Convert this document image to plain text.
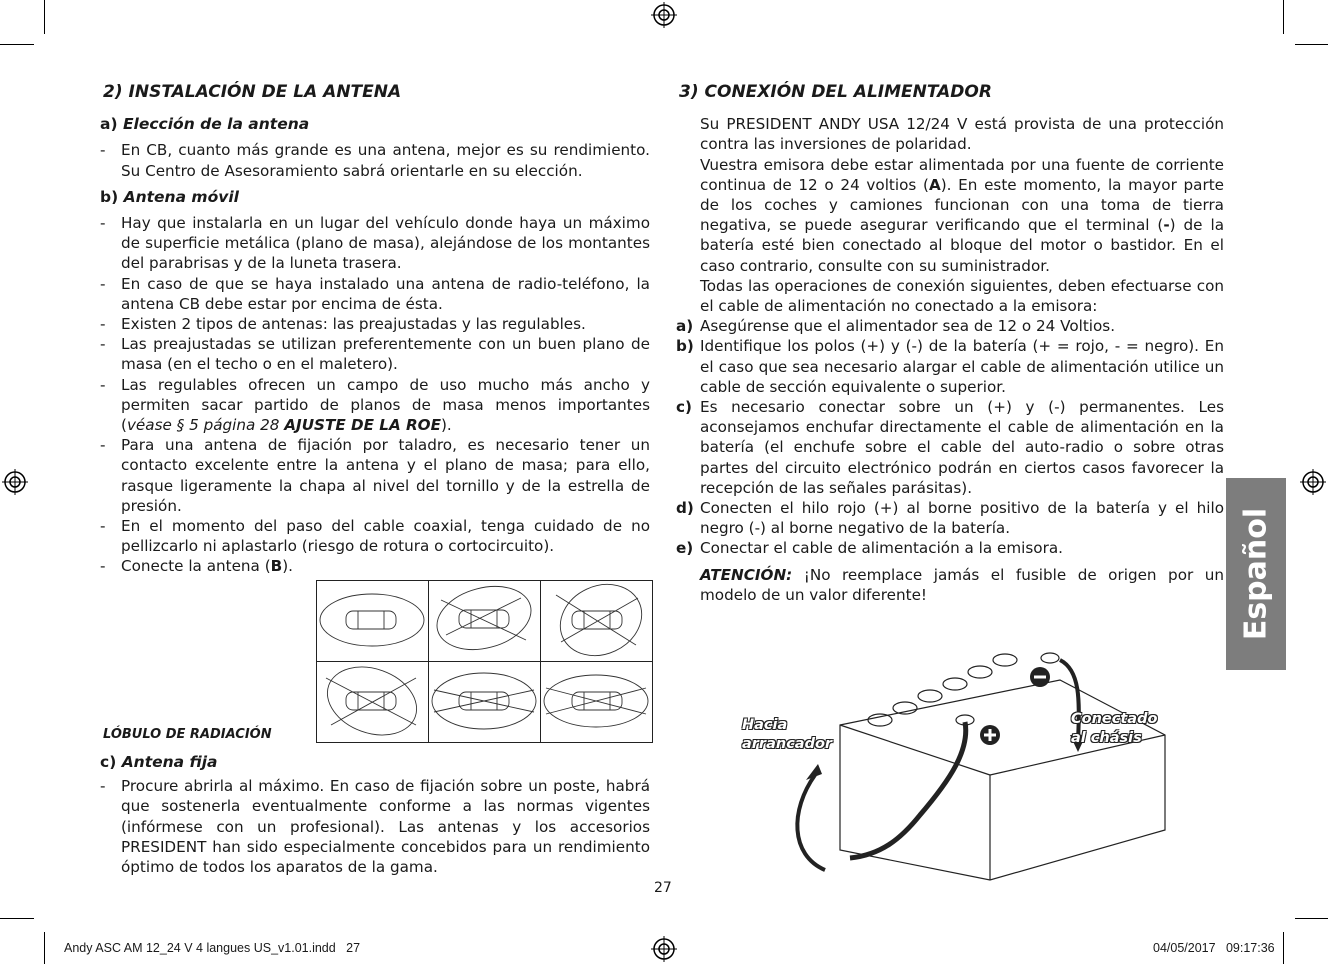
2) INSTALACIÓN DE LA ANTENA
a) Elección de la antena
- En CB, cuanto más grande es una antena, mejor es su rendimiento. Su Centro de Asesoramiento sabrá orientarle en su elección.
b) Antena móvil
- Hay que instalarla en un lugar del vehículo donde haya un máximo de superficie metálica (plano de masa), alejándose de los montantes del parabrisas y de la luneta trasera.
- En caso de que se haya instalado una antena de radio-teléfono, la antena CB debe estar por encima de ésta.
- Existen 2 tipos de antenas: las preajustadas y las regulables.
- Las preajustadas se utilizan preferentemente con un buen plano de masa (en el techo o en el maletero).
- Las regulables ofrecen un campo de uso mucho más ancho y permiten sacar partido de planos de masa menos importantes (véase § 5 página 28 AJUSTE DE LA ROE).
- Para una antena de fijación por taladro, es necesario tener un contacto excelente entre la antena y el plano de masa; para ello, rasque ligeramente la chapa al nivel del tornillo y de la estrella de presión.
- En el momento del paso del cable coaxial, tenga cuidado de no pellizcarlo ni aplastarlo (riesgo de rotura o cortocircuito).
- Conecte la antena (B).
LÓBULO DE RADIACIÓN
c) Antena fija
- Procure abrirla al máximo. En caso de fijación sobre un poste, habrá que sostenerla eventualmente conforme a las normas vigentes (infórmese con un profesional). Las antenas y los accesorios PRESIDENT han sido especialmente concebidos para un rendimiento óptimo de todos los aparatos de la gama.
27
3) CONEXIÓN DEL ALIMENTADOR
Su PRESIDENT ANDY USA 12/24 V está provista de una protección contra las inversiones de polaridad.
Vuestra emisora debe estar alimentada por una fuente de corriente continua de 12 o 24 voltios (A). En este momento, la mayor parte de los coches y camiones funcionan con una toma de tierra negativa, se puede asegurar verificando que el terminal (-) de la batería esté bien conectado al bloque del motor o bastidor. En el caso contrario, consulte con su suministrador.
Todas las operaciones de conexión siguientes, deben efectuarse con el cable de alimentación no conectado a la emisora:
a) Asegúrense que el alimentador sea de 12 o 24 Voltios.
b) Identifique los polos (+) y (-) de la batería (+ = rojo, - = negro). En el caso que sea necesario alargar el cable de alimentación utilice un cable de sección equivalente o superior.
c) Es necesario conectar sobre un (+) y (-) permanentes. Les aconsejamos enchufar directamente el cable de alimentación en la batería (el enchufe sobre el cable del auto-radio o sobre otras partes del circuito electrónico podrán en ciertos casos favorecer la recepción de las señales parásitas).
d) Conecten el hilo rojo (+) al borne positivo de la batería y el hilo negro (-) al borne negativo de la batería.
e) Conectar el cable de alimentación a la emisora.
ATENCIÓN: ¡No reemplace jamás el fusible de origen por un modelo de un valor diferente!
Hacia
arrancador
Conectado
al chásis
Español
Andy ASC AM 12_24 V 4 langues US_v1.01.indd   27	04/05/2017   09:17:36
